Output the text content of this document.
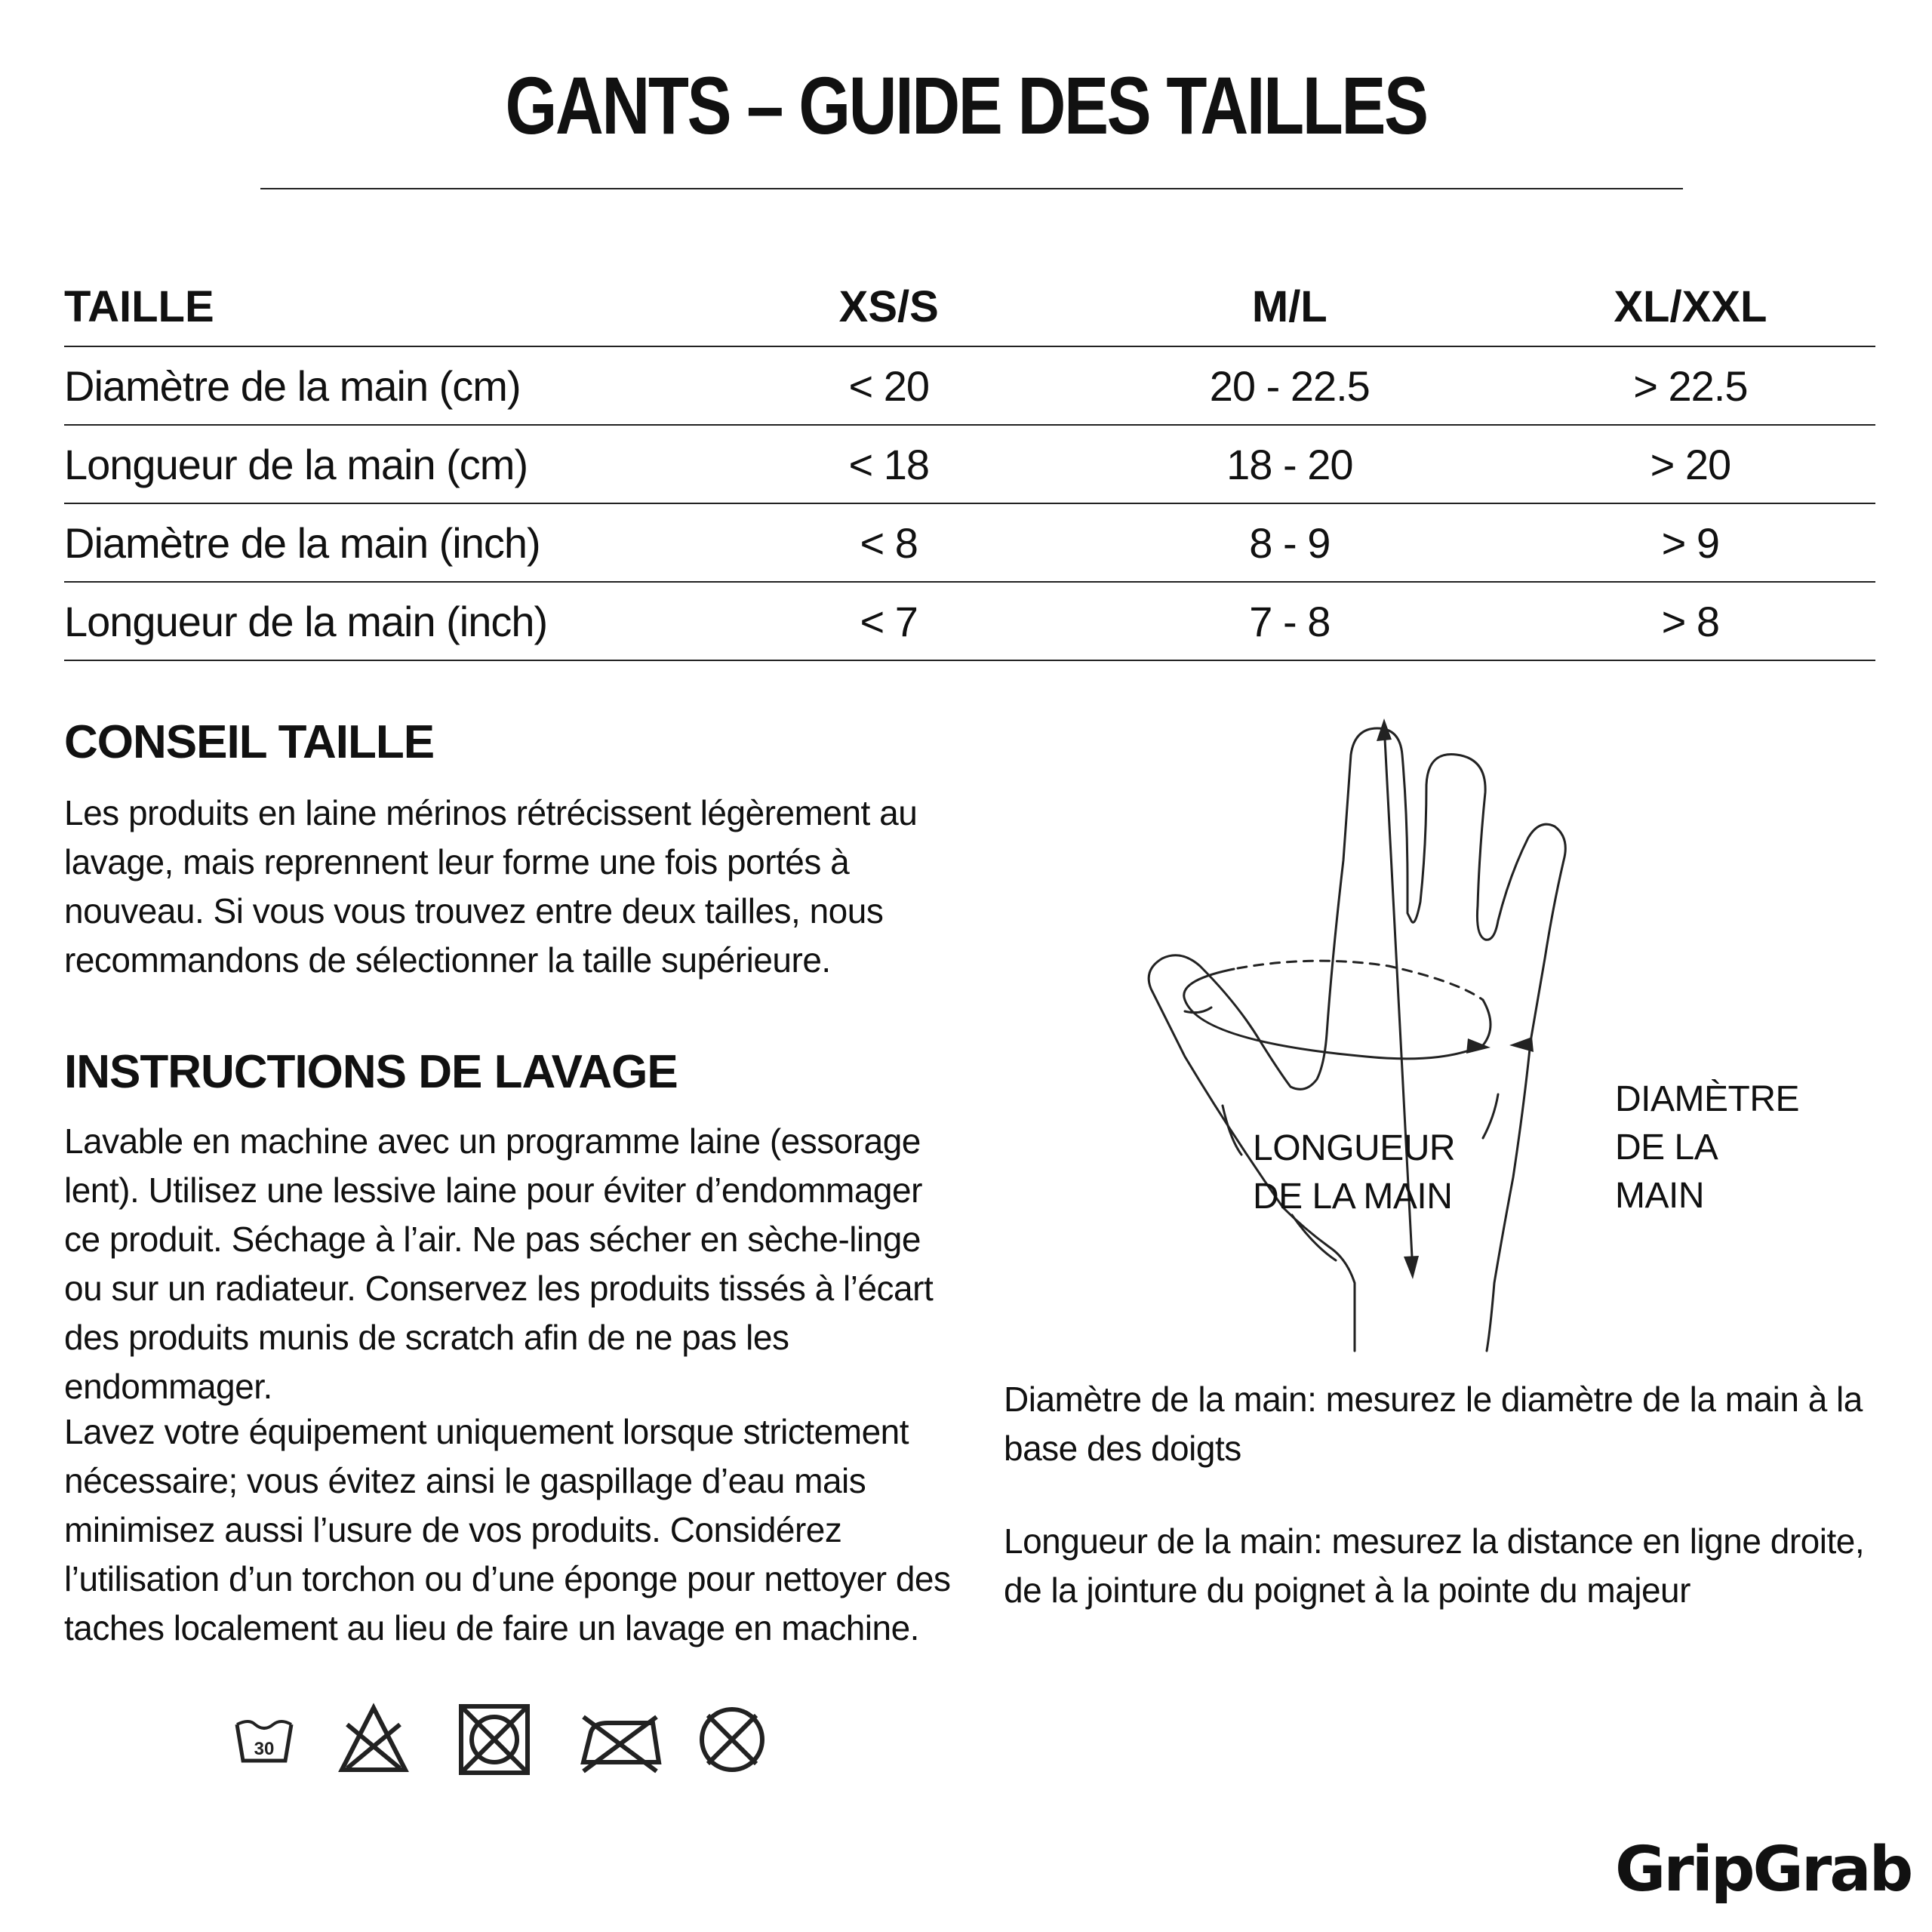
GANTS – GUIDE DES TAILLES
TAILLE	XS/S	M/L	XL/XXL
Diamètre de la main (cm)	< 20	20 - 22.5	> 22.5
Longueur de la main (cm)	< 18	18 - 20	> 20
Diamètre de la main (inch)	< 8	8 - 9	> 9
Longueur de la main (inch)	< 7	7 - 8	> 8
CONSEIL TAILLE
Les produits en laine mérinos rétrécissent légèrement au lavage, mais reprennent leur forme une fois portés à nouveau. Si vous vous trouvez entre deux tailles, nous recommandons de sélectionner la taille supérieure.
INSTRUCTIONS DE LAVAGE
Lavable en machine avec un programme laine (essorage lent). Utilisez une lessive laine pour éviter d’endommager ce produit. Séchage à l’air. Ne pas sécher en sèche-linge ou sur un radiateur. Conservez les produits tissés à l’écart des produits munis de scratch afin de ne pas les endommager.
Lavez votre équipement uniquement lorsque strictement nécessaire; vous évitez ainsi le gaspillage d’eau mais minimisez aussi l’usure de vos produits. Considérez l’utilisation d’un torchon ou d’une éponge pour nettoyer des taches localement au lieu de faire un lavage en machine.
LONGUEUR
DE LA MAIN
DIAMÈTRE
DE LA MAIN
Diamètre de la main: mesurez le diamètre de la main à la base des doigts
Longueur de la main: mesurez la distance en ligne droite, de la jointure du poignet à la pointe du majeur
30
GripGrab
